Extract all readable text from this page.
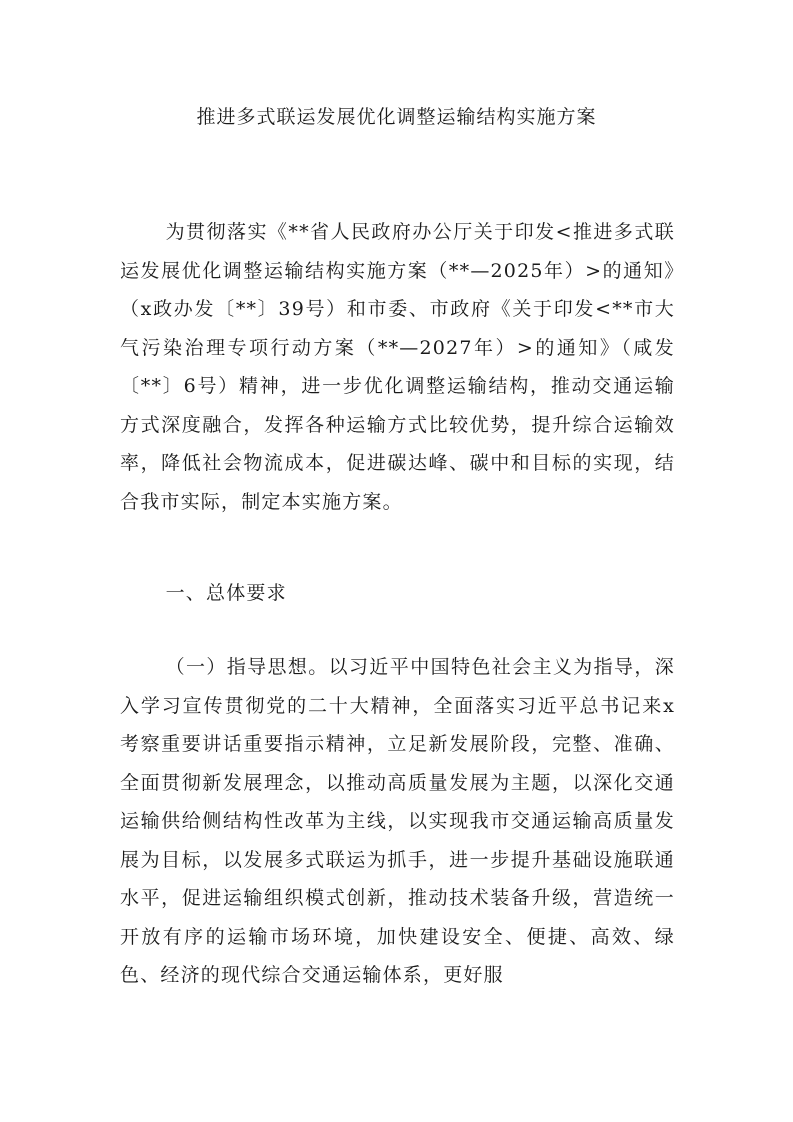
推进多式联运发展优化调整运输结构实施方案

为贯彻落实《**省人民政府办公厅关于印发<推进多式联运发展优化调整运输结构实施方案（**—2025年）>的通知》（x政办发〔**〕39号）和市委、市政府《关于印发<**市大气污染治理专项行动方案（**—2027年）>的通知》（咸发〔**〕6号）精神，进一步优化调整运输结构，推动交通运输方式深度融合，发挥各种运输方式比较优势，提升综合运输效率，降低社会物流成本，促进碳达峰、碳中和目标的实现，结合我市实际，制定本实施方案。

一、总体要求

（一）指导思想。以习近平中国特色社会主义为指导，深入学习宣传贯彻党的二十大精神，全面落实习近平总书记来x考察重要讲话重要指示精神，立足新发展阶段，完整、准确、全面贯彻新发展理念，以推动高质量发展为主题，以深化交通运输供给侧结构性改革为主线，以实现我市交通运输高质量发展为目标，以发展多式联运为抓手，进一步提升基础设施联通水平，促进运输组织模式创新，推动技术装备升级，营造统一开放有序的运输市场环境，加快建设安全、便捷、高效、绿色、经济的现代综合交通运输体系，更好服
